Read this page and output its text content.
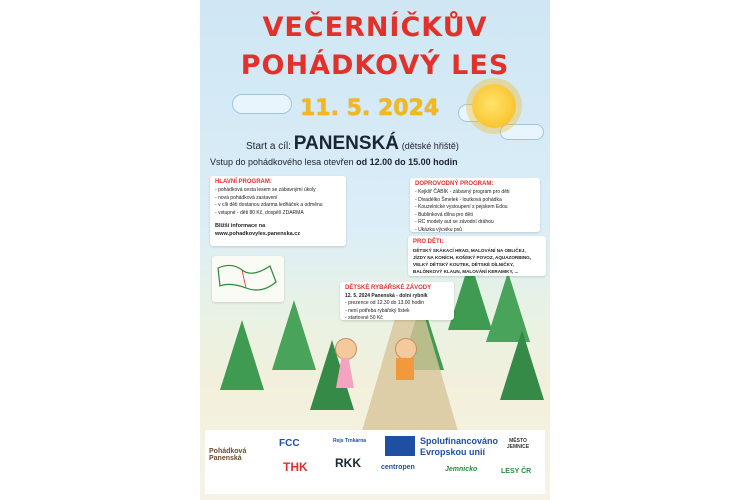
VEČERNÍČKŮV
POHÁDKOVÝ LES
11. 5. 2024
Start a cíl: PANENSKÁ (dětské hřiště)
Vstup do pohádkového lesa otevřen od 12.00 do 15.00 hodin
HLAVNÍ PROGRAM:
- pohádková cesta lesem se zábavnými úkoly
- nová pohádková zastavení
- v cíli děti dostanou zdarma ledňáček a odměnu
- vstupné - děti 80 Kč, dospělí ZDARMA
Bližší informace na
www.pohadkovyles.panenska.cz
DOPROVODNÝ PROGRAM:
- Kejklíř ČÁBÍK - zábavný program pro děti
- Divadélko Šmelek - loutková pohádka
- Kouzelnické vystoupení s pejskem Edou
- Bublinková dílna pro děti
- RC modely aut se závodní dráhou
- Ukázka výcviku psů
PRO DĚTI:
DĚTSKÝ SKÁKACÍ HRAD, MALOVÁNÍ NA OBLIČEJ,
JÍZDY NA KONÍCH, KOŇSKÝ POVOZ, AQUAZORBING,
VELKÝ DĚTSKÝ KOUTEK, DĚTSKÉ DÍLNIČKY,
BALÓNKOVÝ KLAUN, MALOVÁNÍ KERAMIKY, ...
DĚTSKÉ RYBÁŘSKÉ ZÁVODY
12. 5. 2024 Panenská - dolní rybník
- prezence od 12.30 do 13.00 hodin
- není potřeba rybářský lístek
- startovné 50 Kč
Pohádková Panenská
FCC
THK
Rejs Trnkárna
RKK	centropen
Spolufinancováno
Evropskou unií
Jemnicko
MĚSTO JEMNICE
LESY ČR
